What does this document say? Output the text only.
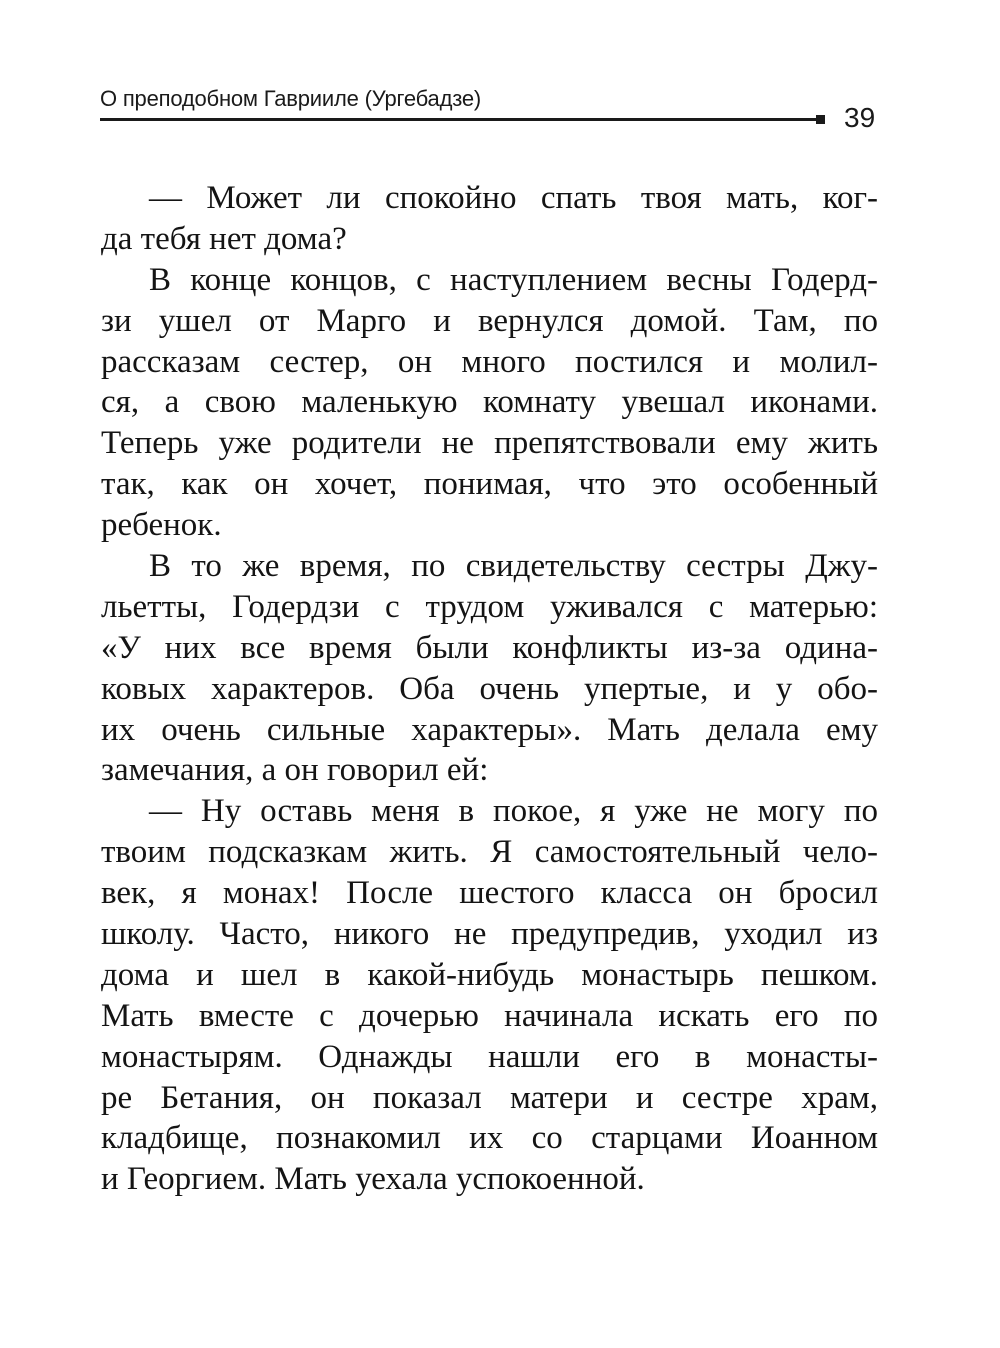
О преподобном Гаврииле (Ургебадзе)
39
— Может ли спокойно спать твоя мать, ког-
да тебя нет дома?
В конце концов, с наступлением весны Годерд-
зи ушел от Марго и вернулся домой. Там, по
рассказам сестер, он много постился и молил-
ся, а свою маленькую комнату увешал иконами.
Теперь уже родители не препятствовали ему жить
так, как он хочет, понимая, что это особенный
ребенок.
В то же время, по свидетельству сестры Джу-
льетты, Годердзи с трудом уживался с матерью:
«У них все время были конфликты из-за одина-
ковых характеров. Оба очень упертые, и у обо-
их очень сильные характеры». Мать делала ему
замечания, а он говорил ей:
— Ну оставь меня в покое, я уже не могу по
твоим подсказкам жить. Я самостоятельный чело-
век, я монах! После шестого класса он бросил
школу. Часто, никого не предупредив, уходил из
дома и шел в какой-нибудь монастырь пешком.
Мать вместе с дочерью начинала искать его по
монастырям. Однажды нашли его в монасты-
ре Бетания, он показал матери и сестре храм,
кладбище, познакомил их со старцами Иоанном
и Георгием. Мать уехала успокоенной.
